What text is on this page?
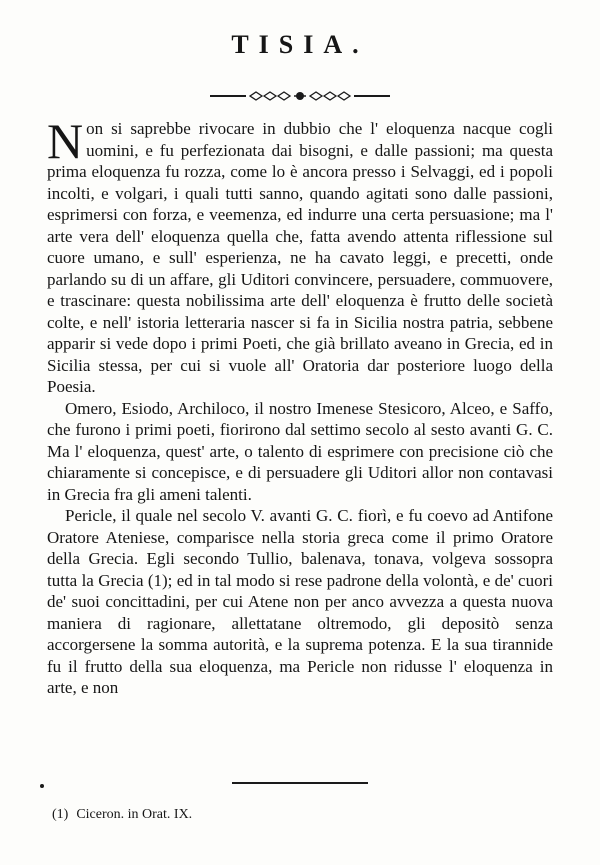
TISIA.

Non si saprebbe rivocare in dubbio che l' eloquenza nacque cogli uomini, e fu perfezionata dai bisogni, e dalle passioni; ma questa prima eloquenza fu rozza, come lo è ancora presso i Selvaggi, ed i popoli incolti, e volgari, i quali tutti sanno, quando agitati sono dalle passioni, esprimersi con forza, e veemenza, ed indurre una certa persuasione; ma l' arte vera dell' eloquenza quella che, fatta avendo attenta riflessione sul cuore umano, e sull' esperienza, ne ha cavato leggi, e precetti, onde parlando su di un affare, gli Uditori convincere, persuadere, commuovere, e trascinare: questa nobilissima arte dell' eloquenza è frutto delle società colte, e nell' istoria letteraria nascer si fa in Sicilia nostra patria, sebbene apparir si vede dopo i primi Poeti, che già brillato aveano in Grecia, ed in Sicilia stessa, per cui si vuole all' Oratoria dar posteriore luogo della Poesia.

Omero, Esiodo, Archiloco, il nostro Imenese Stesicoro, Alceo, e Saffo, che furono i primi poeti, fiorirono dal settimo secolo al sesto avanti G. C. Ma l' eloquenza, quest' arte, o talento di esprimere con precisione ciò che chiaramente si concepisce, e di persuadere gli Uditori allor non contavasi in Grecia fra gli ameni talenti.

Pericle, il quale nel secolo V. avanti G. C. fiorì, e fu coevo ad Antifone Oratore Ateniese, comparisce nella storia greca come il primo Oratore della Grecia. Egli secondo Tullio, balenava, tonava, volgeva sossopra tutta la Grecia (1); ed in tal modo si rese padrone della volontà, e de' cuori de' suoi concittadini, per cui Atene non per anco avvezza a questa nuova maniera di ragionare, allettatane oltremodo, gli depositò senza accorgersene la somma autorità, e la suprema potenza. E la sua tirannide fu il frutto della sua eloquenza, ma Pericle non ridusse l' eloquenza in arte, e non

(1) Ciceron. in Orat. IX.
